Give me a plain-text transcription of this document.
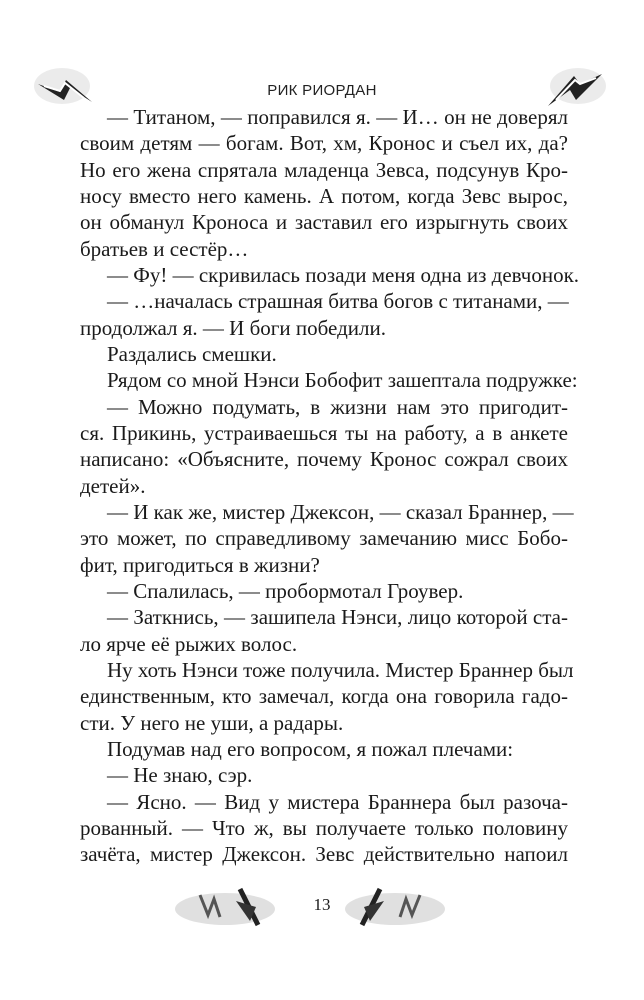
РИК РИОРДАН
— Титаном, — поправился я. — И… он не доверял
своим детям — богам. Вот, хм, Кронос и съел их, да?
Но его жена спрятала младенца Зевса, подсунув Кро-
носу вместо него камень. А потом, когда Зевс вырос,
он обманул Кроноса и заставил его изрыгнуть своих
братьев и сестёр…
— Фу! — скривилась позади меня одна из девчонок.
— …началась страшная битва богов с титанами, —
продолжал я. — И боги победили.
Раздались смешки.
Рядом со мной Нэнси Бобофит зашептала подружке:
— Можно подумать, в жизни нам это пригодит-
ся. Прикинь, устраиваешься ты на работу, а в анкете
написано: «Объясните, почему Кронос сожрал своих
детей».
— И как же, мистер Джексон, — сказал Браннер, —
это может, по справедливому замечанию мисс Бобо-
фит, пригодиться в жизни?
— Спалилась, — пробормотал Гроувер.
— Заткнись, — зашипела Нэнси, лицо которой ста-
ло ярче её рыжих волос.
Ну хоть Нэнси тоже получила. Мистер Браннер был
единственным, кто замечал, когда она говорила гадо-
сти. У него не уши, а радары.
Подумав над его вопросом, я пожал плечами:
— Не знаю, сэр.
— Ясно. — Вид у мистера Браннера был разоча-
рованный. — Что ж, вы получаете только половину
зачёта, мистер Джексон. Зевс действительно напоил
13
